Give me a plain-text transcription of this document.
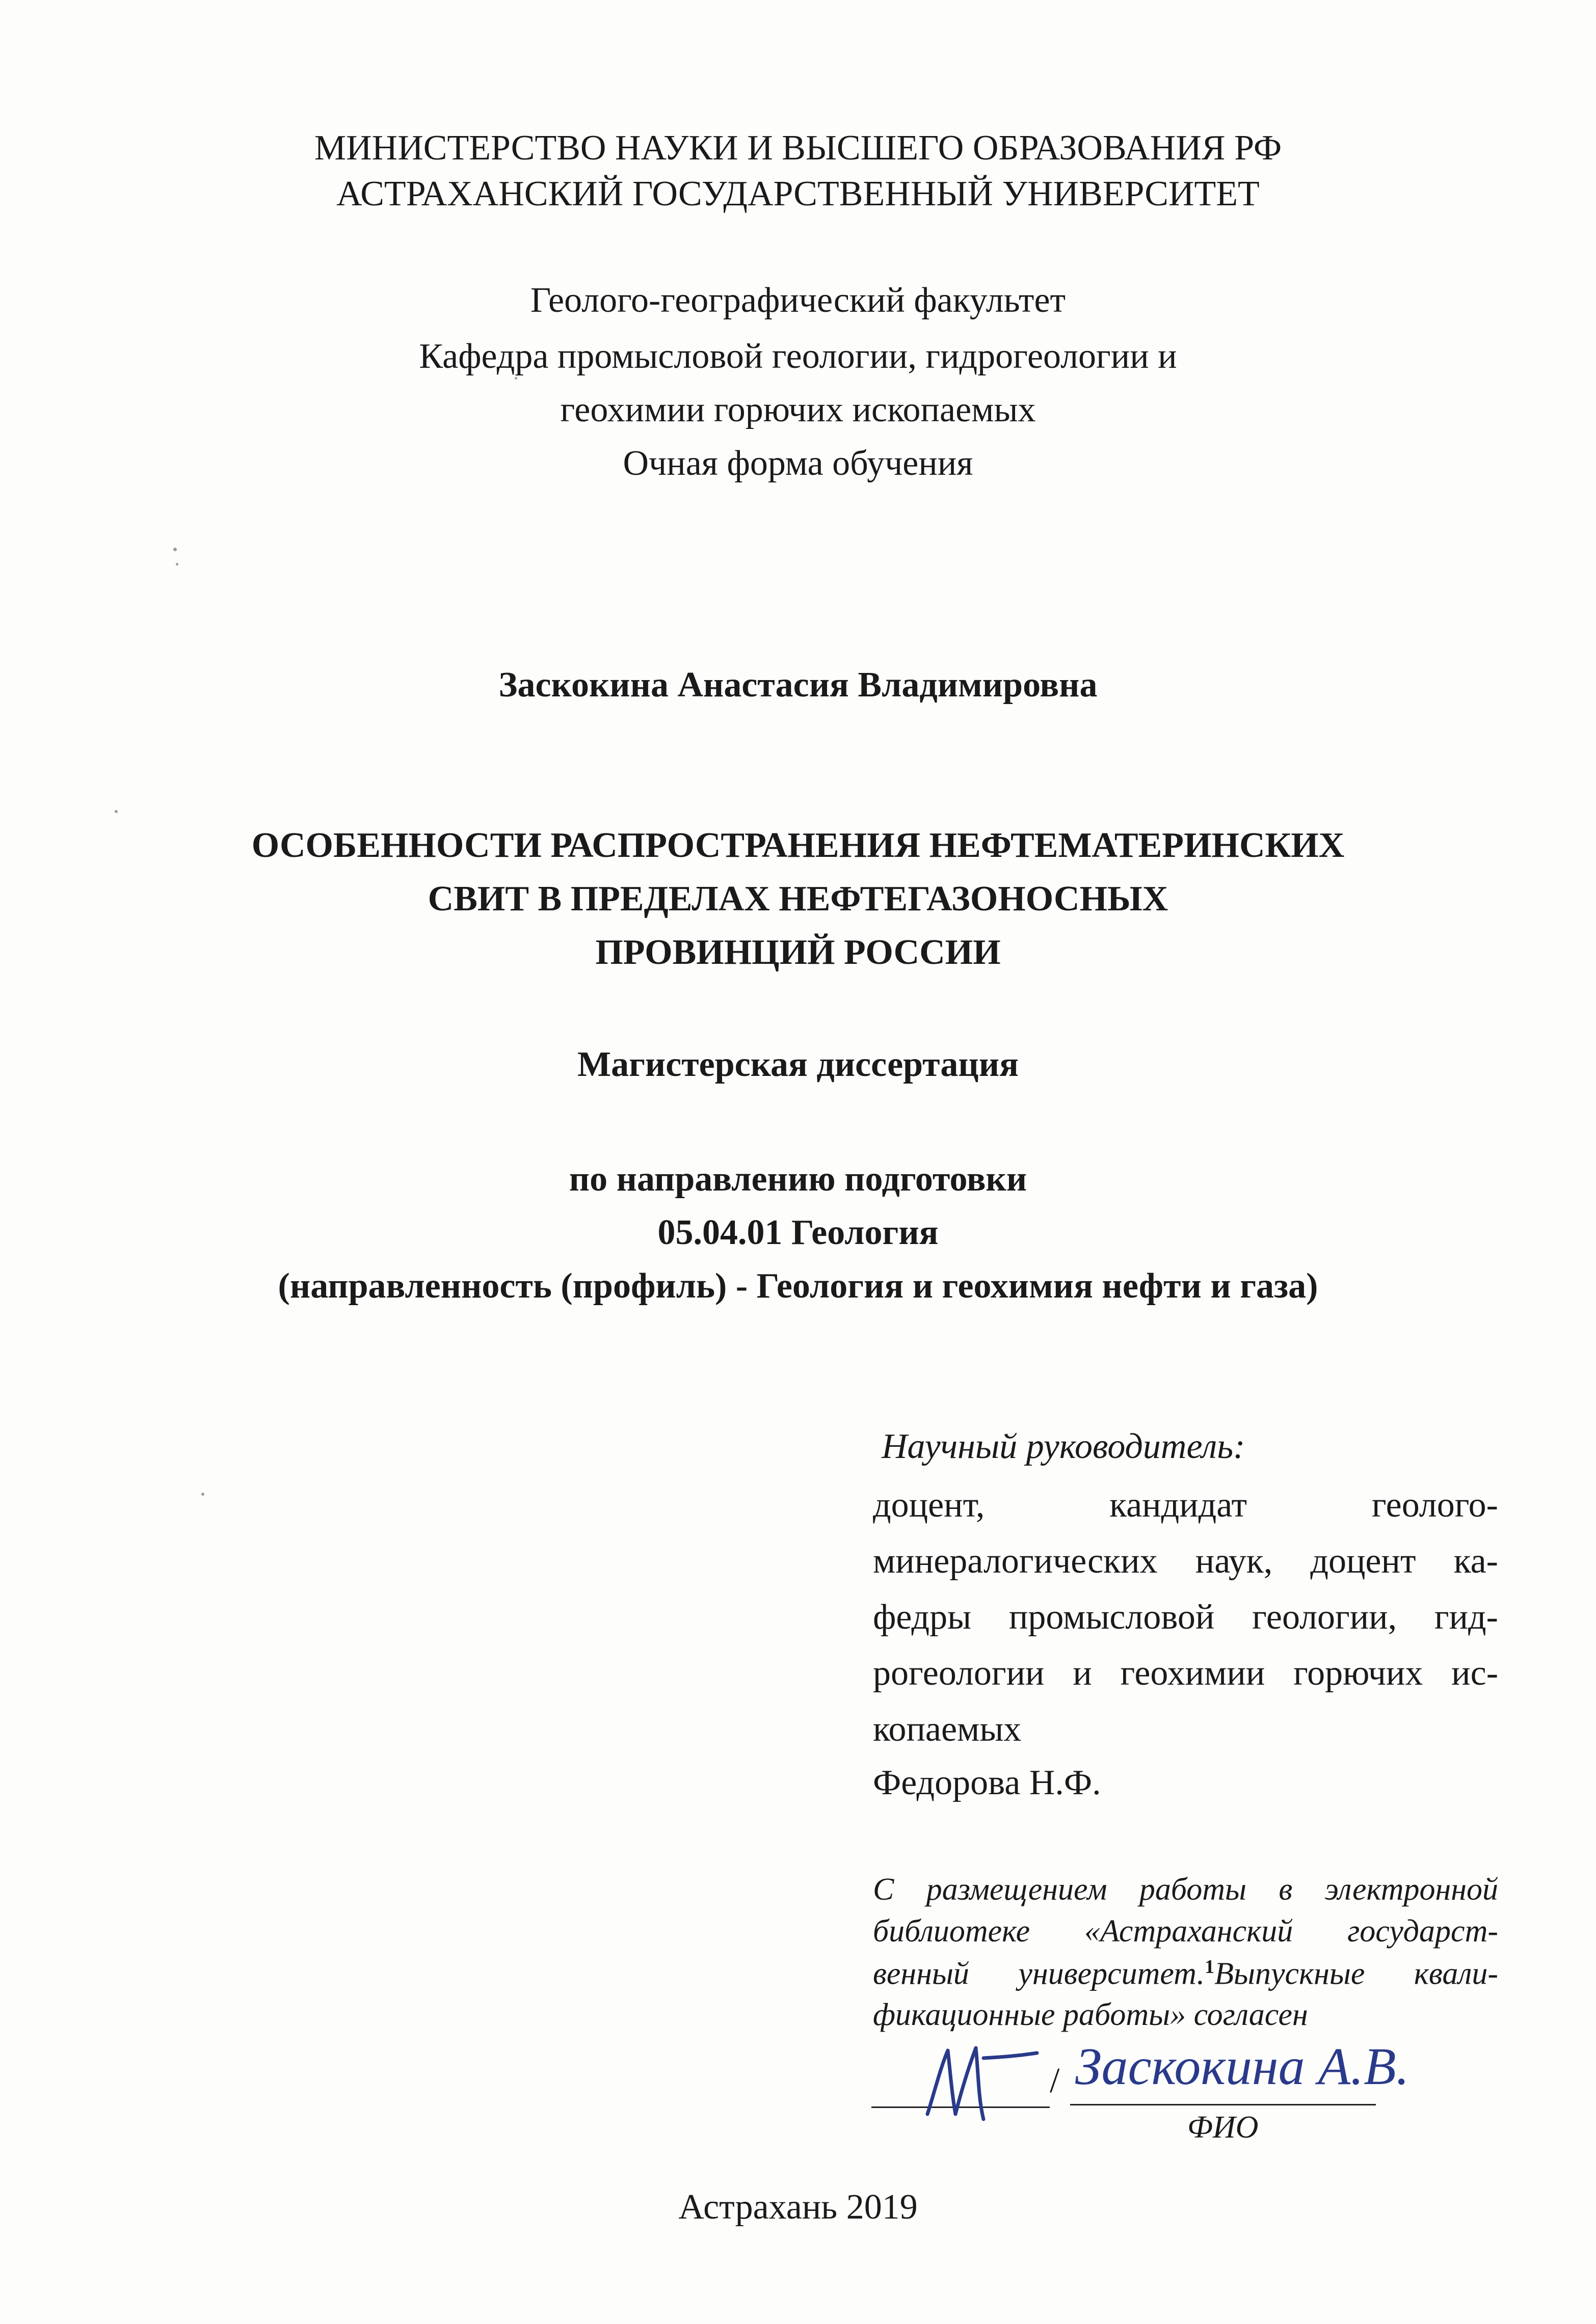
МИНИСТЕРСТВО НАУКИ И ВЫСШЕГО ОБРАЗОВАНИЯ РФ
АСТРАХАНСКИЙ ГОСУДАРСТВЕННЫЙ УНИВЕРСИТЕТ
Геолого-географический факультет
Кафедра промысловой геологии, гидрогеологии и
геохимии горючих ископаемых
Очная форма обучения
Заскокина Анастасия Владимировна
ОСОБЕННОСТИ РАСПРОСТРАНЕНИЯ НЕФТЕМАТЕРИНСКИХ
СВИТ В ПРЕДЕЛАХ НЕФТЕГАЗОНОСНЫХ
ПРОВИНЦИЙ РОССИИ
Магистерская диссертация
по направлению подготовки
05.04.01 Геология
(направленность (профиль) - Геология и геохимия нефти и газа)
Научный руководитель:
доцент, кандидат геолого-
минералогических наук, доцент ка-
федры промысловой геологии, гид-
рогеологии и геохимии горючих ис-
копаемых
Федорова Н.Ф.
С размещением работы в электронной
библиотеке «Астраханский государст-
венный университет.$^1$Выпускные квали-
фикационные работы» согласен
/ Заскокина А.В.
ФИО
Астрахань 2019
